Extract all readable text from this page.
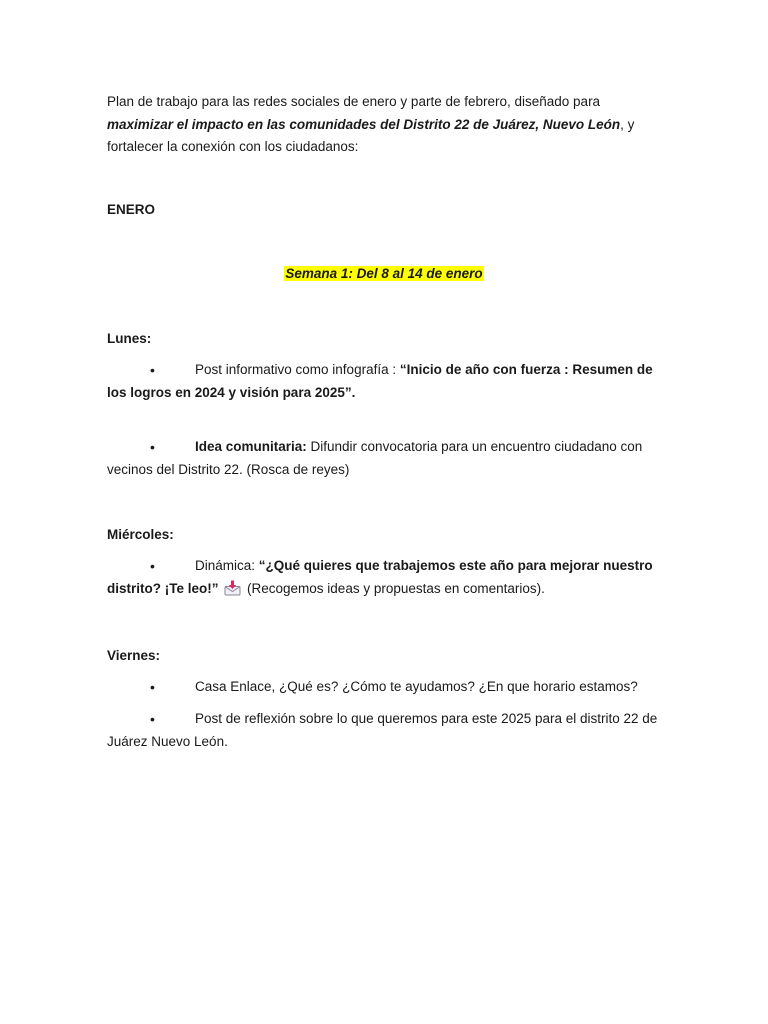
Plan de trabajo para las redes sociales de enero y parte de febrero, diseñado para maximizar el impacto en las comunidades del Distrito 22 de Juárez, Nuevo León, y fortalecer la conexión con los ciudadanos:

ENERO
Semana 1: Del 8 al 14 de enero
Lunes:
•	Post informativo como infografía : “Inicio de año con fuerza : Resumen de los logros en 2024 y visión para 2025”.

•	Idea comunitaria: Difundir convocatoria para un encuentro ciudadano con vecinos del Distrito 22. (Rosca de reyes)

Miércoles:
•	Dinámica: “¿Qué quieres que trabajemos este año para mejorar nuestro distrito? ¡Te leo!”  (Recogemos ideas y propuestas en comentarios).

Viernes:
•	Casa Enlace, ¿Qué es? ¿Cómo te ayudamos? ¿En que horario estamos?

•	Post de reflexión sobre lo que queremos para este 2025 para el distrito 22 de Juárez Nuevo León.
